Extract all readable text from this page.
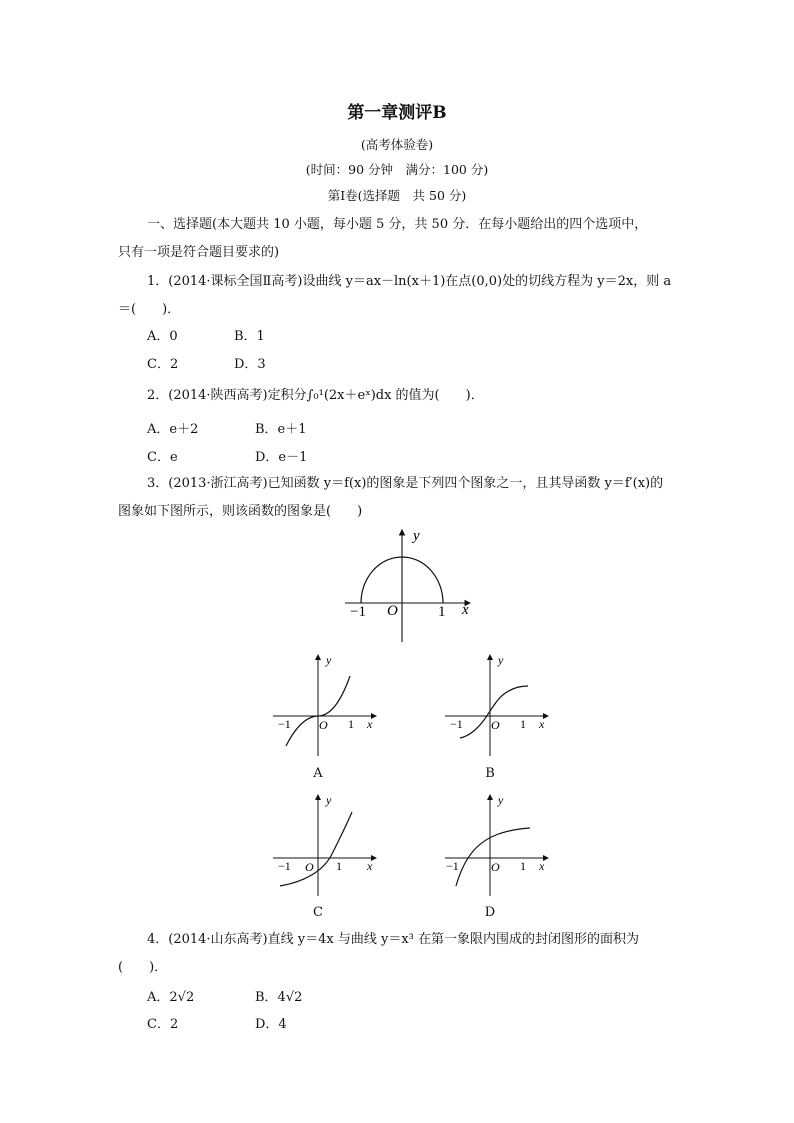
第一章测评B
(高考体验卷)
(时间：90 分钟　满分：100 分)
第Ⅰ卷(选择题　共 50 分)
一、选择题(本大题共 10 小题，每小题 5 分，共 50 分．在每小题给出的四个选项中，
只有一项是符合题目要求的)
1．(2014·课标全国Ⅱ高考)设曲线 y＝ax－ln(x＋1)在点(0,0)处的切线方程为 y＝2x，则 a
＝(　　)．
A．0	B．1
C．2	D．3
2．(2014·陕西高考)定积分∫₀¹(2x＋eˣ)dx 的值为(　　)．
A．e＋2	B．e＋1
C．e	D．e－1
3．(2013·浙江高考)已知函数 y＝f(x)的图象是下列四个图象之一，且其导函数 y＝f′(x)的
图象如下图所示，则该函数的图象是(　　)
y
x
O
−1	1
y
x
O
−1	1
A
y
x
O
−1	1
B
y
x
O
−1	1
C
y
x
O
−1	1
D
4．(2014·山东高考)直线 y＝4x 与曲线 y＝x³ 在第一象限内围成的封闭图形的面积为
(　　)．
A．2√2	B．4√2
C．2	D．4
